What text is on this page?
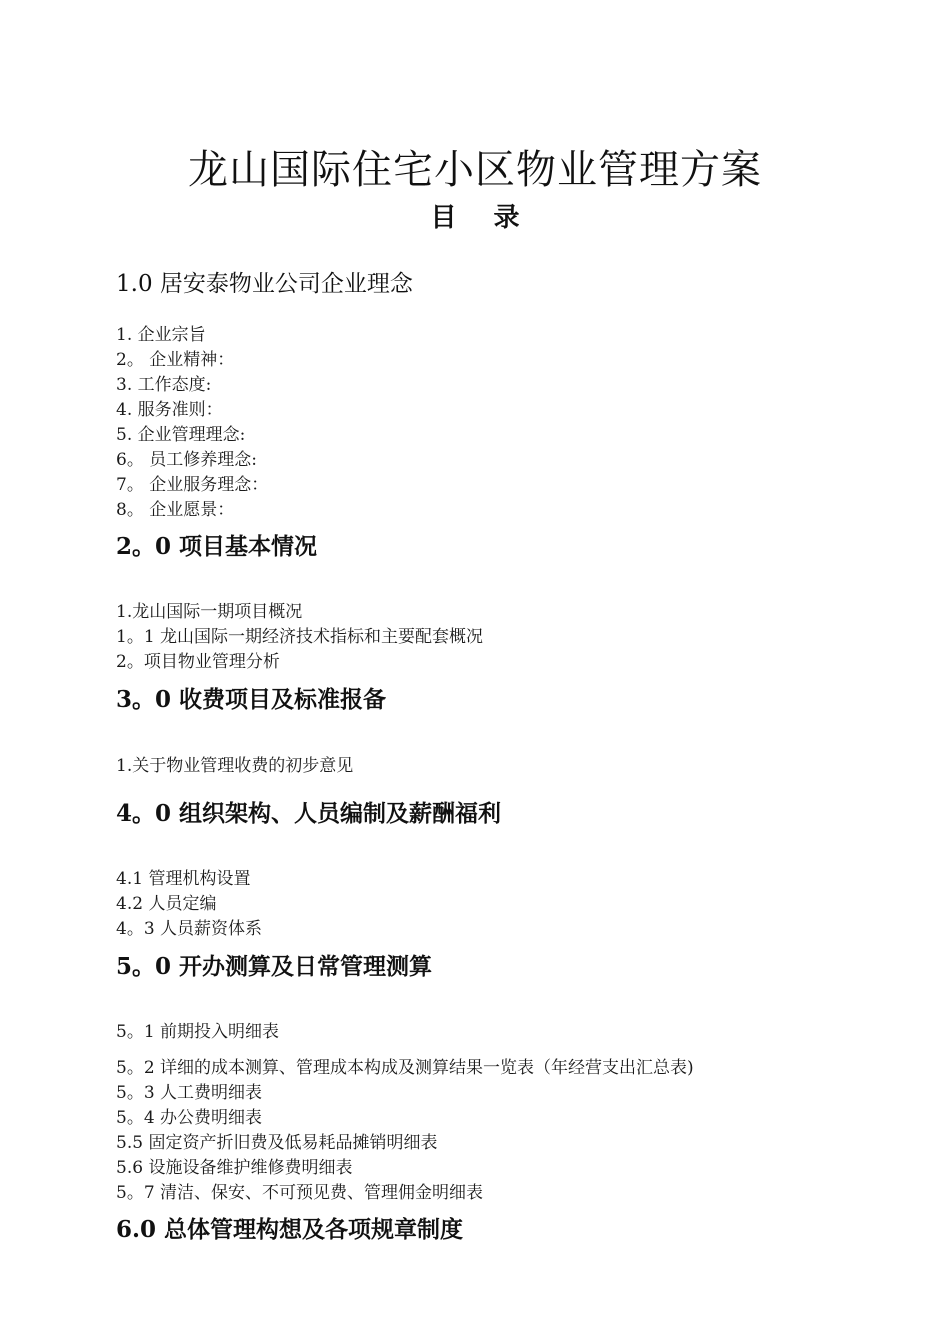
龙山国际住宅小区物业管理方案
目 录
1.0 居安泰物业公司企业理念
1. 企业宗旨
2。 企业精神：
3. 工作态度:
4. 服务准则：
5. 企业管理理念:
6。 员工修养理念:
7。 企业服务理念：
8。 企业愿景：
2。0 项目基本情况
1.龙山国际一期项目概况
1。1 龙山国际一期经济技术指标和主要配套概况
2。项目物业管理分析
3。0 收费项目及标准报备
1.关于物业管理收费的初步意见
4。0 组织架构、人员编制及薪酬福利
4.1 管理机构设置
4.2 人员定编
4。3 人员薪资体系
5。0 开办测算及日常管理测算
5。1 前期投入明细表
5。2 详细的成本测算、管理成本构成及测算结果一览表（年经营支出汇总表)
5。3 人工费明细表
5。4 办公费明细表
5.5 固定资产折旧费及低易耗品摊销明细表
5.6 设施设备维护维修费明细表
5。7 清洁、保安、不可预见费、管理佣金明细表
6.0 总体管理构想及各项规章制度
